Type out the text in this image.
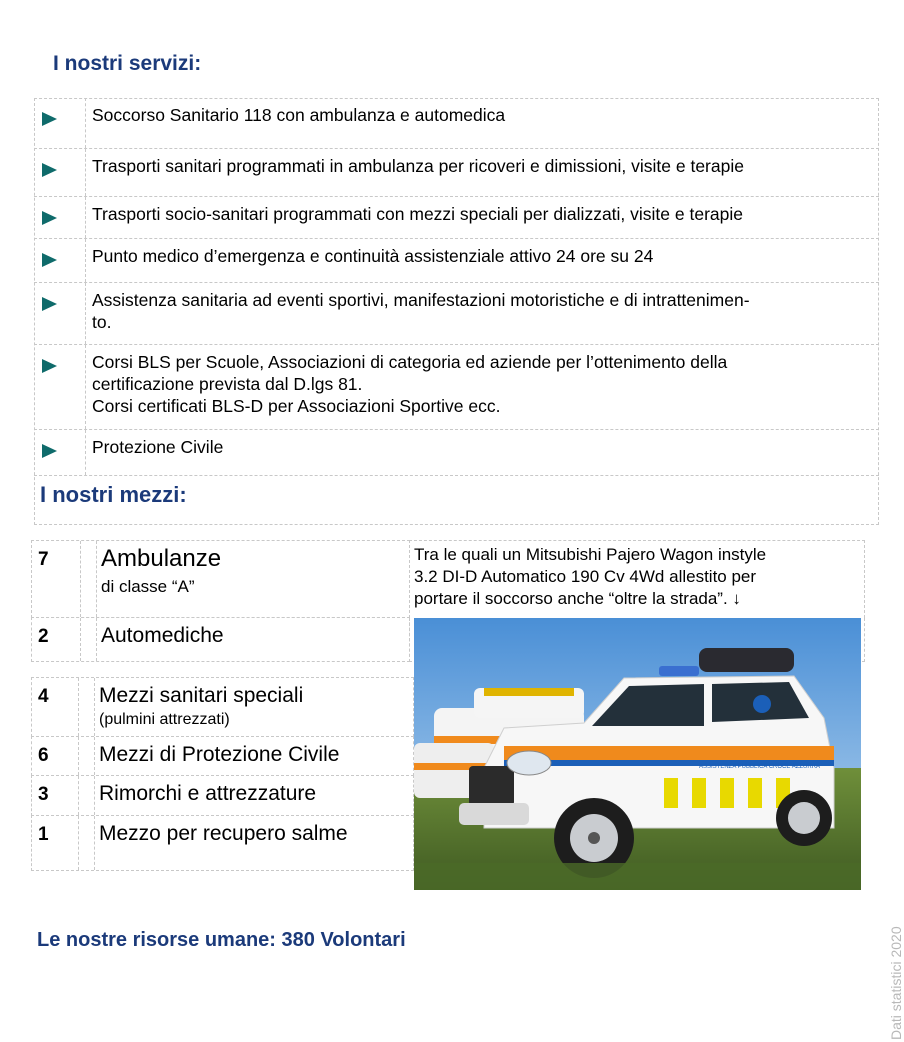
I nostri servizi:
Soccorso Sanitario 118 con ambulanza e automedica
Trasporti sanitari programmati in ambulanza per ricoveri e dimissioni, visite e terapie
Trasporti socio-sanitari programmati con mezzi speciali per dializzati, visite e terapie
Punto medico d’emergenza e continuità assistenziale attivo 24 ore su 24
Assistenza sanitaria ad eventi sportivi, manifestazioni motoristiche e di intrattenimen-
to.
Corsi BLS per Scuole, Associazioni di categoria ed aziende per l’ottenimento della
certificazione prevista dal D.lgs 81.
Corsi certificati BLS-D per Associazioni Sportive ecc.
Protezione Civile
I nostri mezzi:
7 Ambulanze
di classe “A”
2 Automediche
4 Mezzi sanitari speciali
(pulmini attrezzati)
6 Mezzi di Protezione Civile
3 Rimorchi e attrezzature
1 Mezzo per recupero salme
Tra le quali un Mitsubishi Pajero Wagon instyle
3.2 DI-D Automatico 190 Cv 4Wd allestito per
portare il soccorso anche “oltre la strada”. ↓
ASSISTENZA PUBBLICA CROCE AZZURRA
Le nostre risorse umane: 380 Volontari	Dati statistici 2020
